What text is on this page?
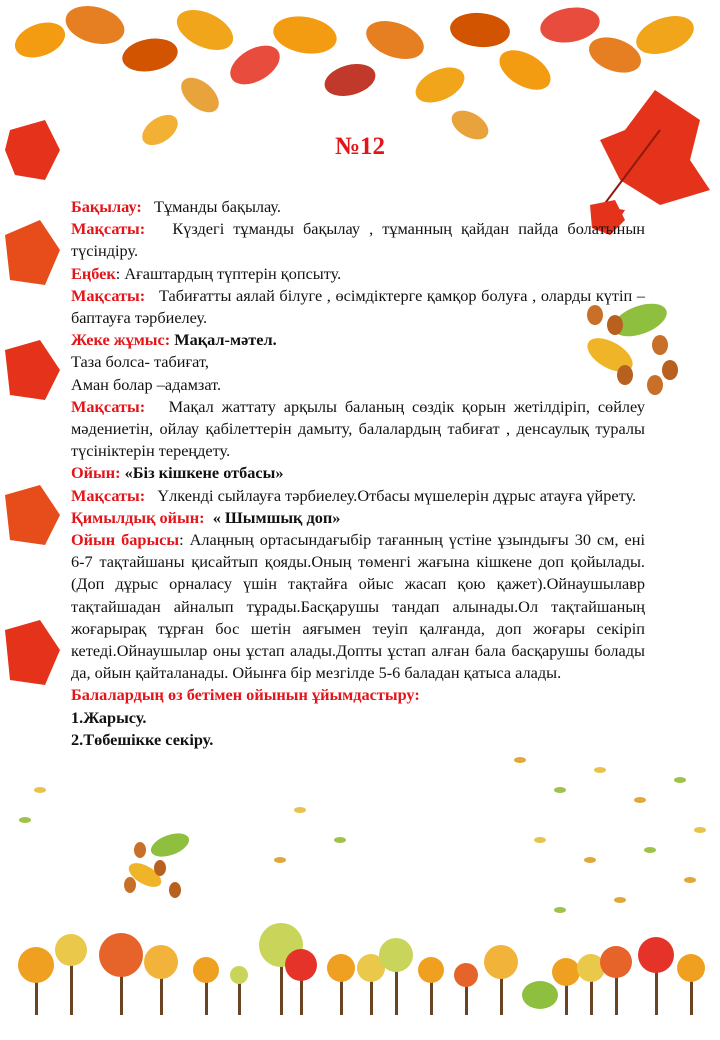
№12

Бақылау: Тұманды бақылау.

Мақсаты: Күздегі тұманды бақылау , тұманның қайдан пайда болатынын түсіндіру.

Еңбек: Ағаштардың түптерін қопсыту.

Мақсаты: Табиғатты аялай білуге , өсімдіктерге қамқор болуға , оларды күтіп –баптауға тәрбиелеу.

Жеке жұмыс: Мақал-мәтел.

Таза болса- табиғат,

Аман болар –адамзат.

Мақсаты: Мақал жаттату арқылы баланың сөздік қорын жетілдіріп, сөйлеу мәдениетін, ойлау қабілеттерін дамыту, балалардың табиғат , денсаулық туралы түсініктерін тереңдету.

Ойын: «Біз кішкене отбасы»

Мақсаты: Үлкенді сыйлауға тәрбиелеу.Отбасы мүшелерін дұрыс атауға үйрету.

Қимылдық ойын: « Шымшық доп»

Ойын барысы: Алаңның ортасындағыбір тағанның үстіне ұзындығы 30 см, ені 6-7 тақтайшаны қисайтып қояды.Оның төменгі жағына кішкене доп қойылады.(Доп дұрыс орналасу үшін тақтайға ойыс жасап қою қажет).Ойнаушылавр тақтайшадан айналып тұрады.Басқарушы тандап алынады.Ол тақтайшаның жоғарырақ тұрған бос шетін аяғымен теуіп қалғанда, доп жоғары секіріп кетеді.Ойнаушылар оны ұстап алады.Допты ұстап алған бала басқарушы болады да, ойын қайталанады. Ойынға бір мезгілде 5-6 баладан қатыса алады.

Балалардың өз бетімен ойынын ұйымдастыру:

1.Жарысу.

2.Төбешікке секіру.
